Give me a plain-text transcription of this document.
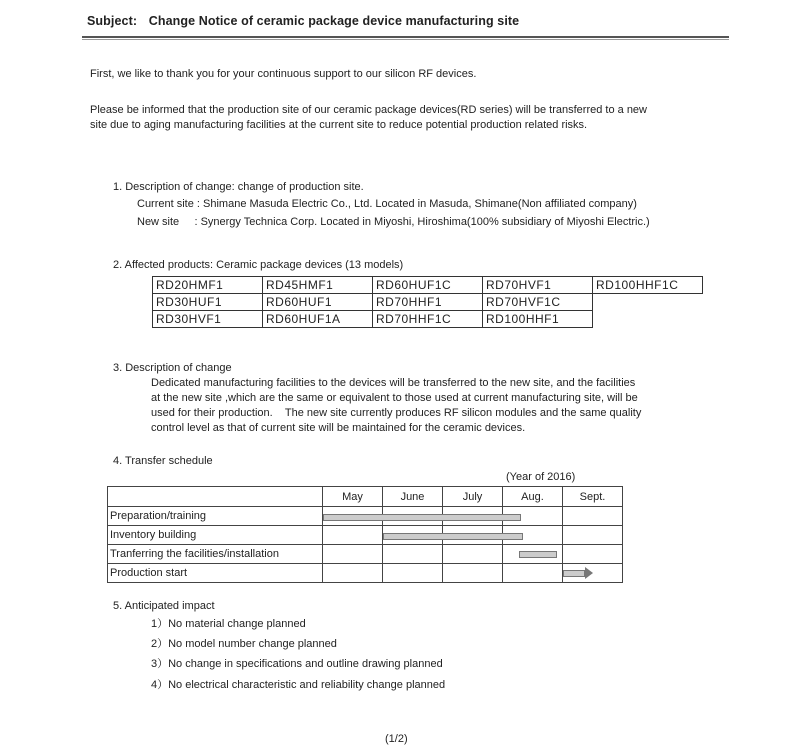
Subject: Change Notice of ceramic package device manufacturing site
First, we like to thank you for your continuous support to our silicon RF devices.
Please be informed that the production site of our ceramic package devices(RD series) will be transferred to a new
site due to aging manufacturing facilities at the current site to reduce potential production related risks.
1. Description of change: change of production site.
Current site : Shimane Masuda Electric Co., Ltd. Located in Masuda, Shimane(Non affiliated company)
New site     : Synergy Technica Corp. Located in Miyoshi, Hiroshima(100% subsidiary of Miyoshi Electric.)
2. Affected products: Ceramic package devices (13 models)
RD20HMF1	RD45HMF1	RD60HUF1C	RD70HVF1	RD100HHF1C
RD30HUF1	RD60HUF1	RD70HHF1	RD70HVF1C	
RD30HVF1	RD60HUF1A	RD70HHF1C	RD100HHF1	
3. Description of change
Dedicated manufacturing facilities to the devices will be transferred to the new site, and the facilities
at the new site ,which are the same or equivalent to those used at current manufacturing site, will be
used for their production.    The new site currently produces RF silicon modules and the same quality
control level as that of current site will be maintained for the ceramic devices.
4. Transfer schedule
(Year of 2016)
	May	June	July	Aug.	Sept.
Preparation/training	

Inventory building		

Tranferring the facilities/installation				

Production start					
5. Anticipated impact
1）No material change planned
2）No model number change planned
3）No change in specifications and outline drawing planned
4）No electrical characteristic and reliability change planned
(1/2)
